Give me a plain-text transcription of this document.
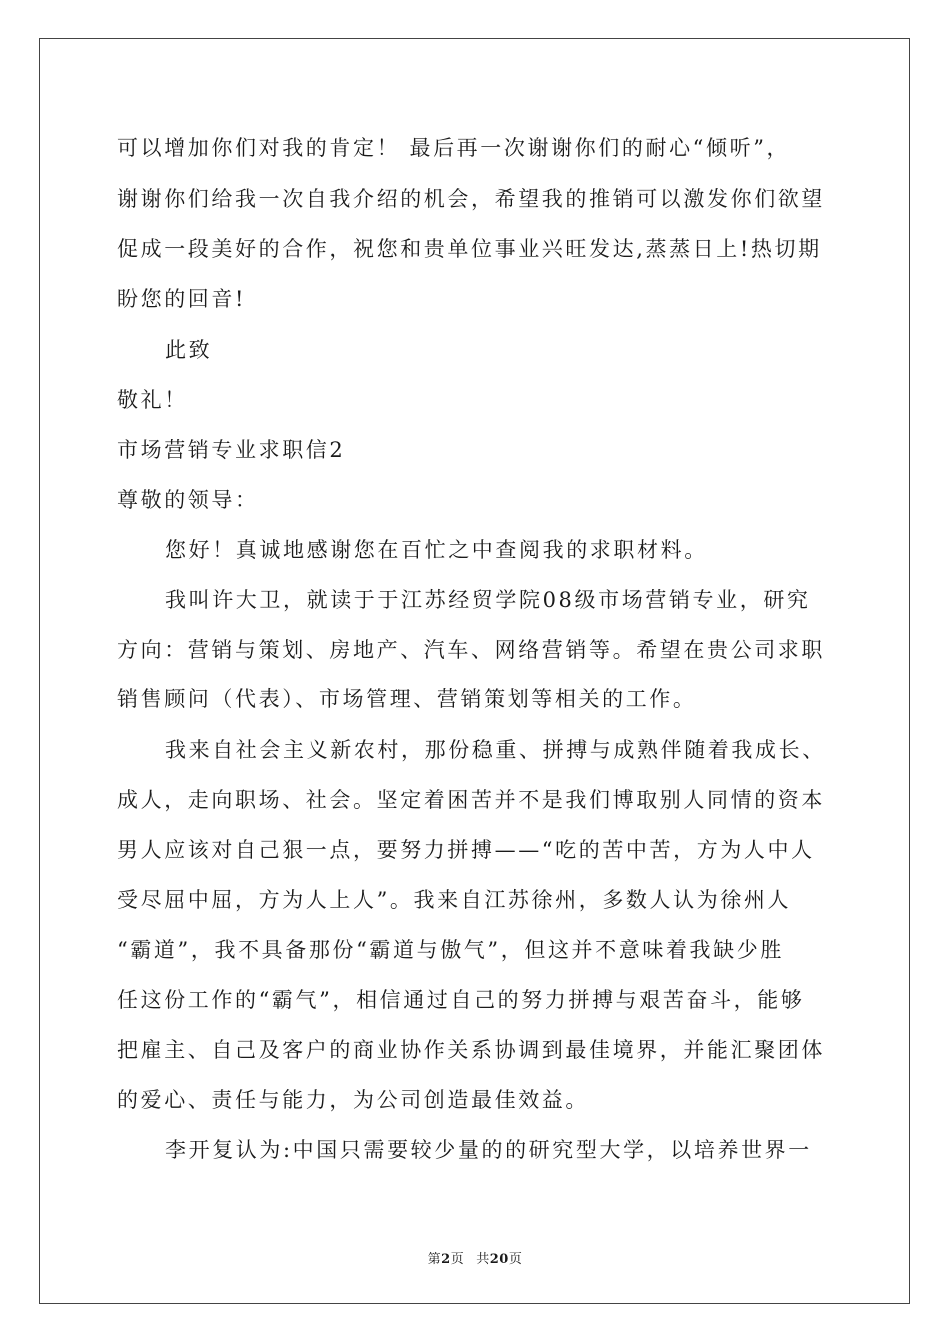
可以增加你们对我的肯定！ 最后再一次谢谢你们的耐心“倾听”，
谢谢你们给我一次自我介绍的机会，希望我的推销可以激发你们欲望
促成一段美好的合作，祝您和贵单位事业兴旺发达,蒸蒸日上!热切期
盼您的回音!
此致
敬礼！
市场营销专业求职信2
尊敬的领导：
您好！真诚地感谢您在百忙之中查阅我的求职材料。
我叫许大卫，就读于于江苏经贸学院08级市场营销专业，研究
方向：营销与策划、房地产、汽车、网络营销等。希望在贵公司求职
销售顾问（代表）、市场管理、营销策划等相关的工作。
我来自社会主义新农村，那份稳重、拼搏与成熟伴随着我成长、
成人，走向职场、社会。坚定着困苦并不是我们博取别人同情的资本
男人应该对自己狠一点，要努力拼搏——“吃的苦中苦，方为人中人
受尽屈中屈，方为人上人”。我来自江苏徐州，多数人认为徐州人
“霸道”，我不具备那份“霸道与傲气”，但这并不意味着我缺少胜
任这份工作的“霸气”，相信通过自己的努力拼搏与艰苦奋斗，能够
把雇主、自己及客户的商业协作关系协调到最佳境界，并能汇聚团体
的爱心、责任与能力，为公司创造最佳效益。
李开复认为:中国只需要较少量的的研究型大学，以培养世界一
第2页 共20页
